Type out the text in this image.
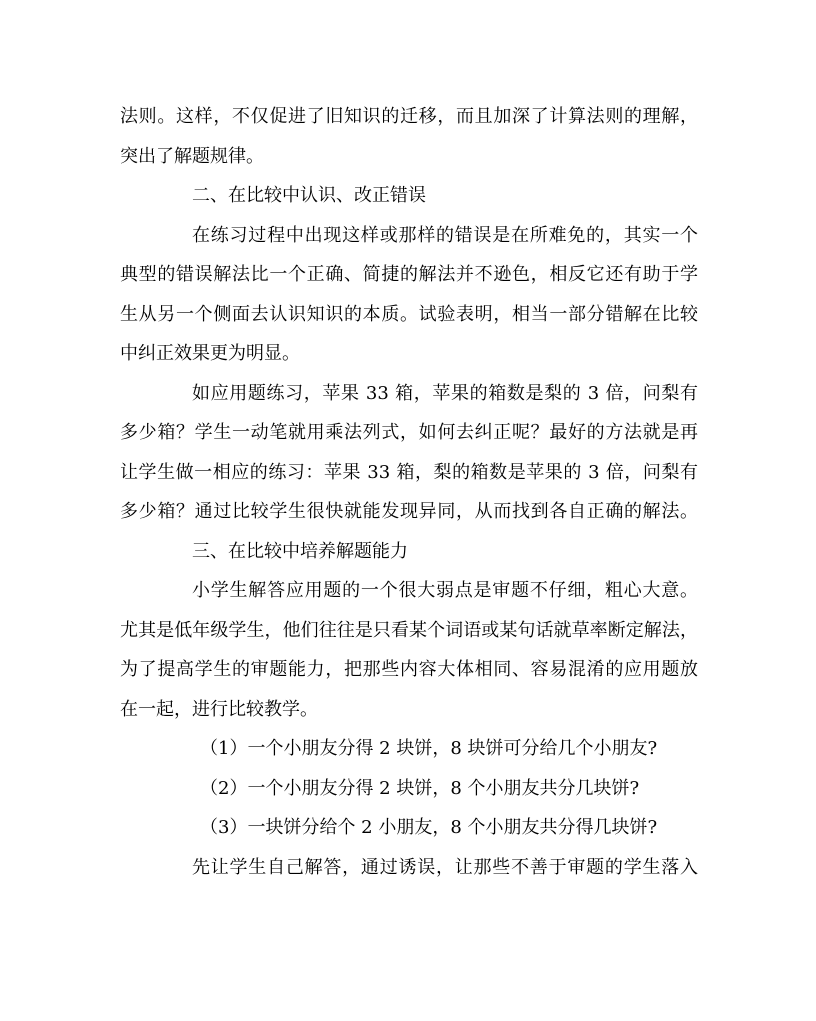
法则。这样，不仅促进了旧知识的迁移，而且加深了计算法则的理解，
突出了解题规律。
二、在比较中认识、改正错误
在练习过程中出现这样或那样的错误是在所难免的，其实一个
典型的错误解法比一个正确、简捷的解法并不逊色，相反它还有助于学
生从另一个侧面去认识知识的本质。试验表明，相当一部分错解在比较
中纠正效果更为明显。
如应用题练习，苹果 33 箱，苹果的箱数是梨的 3 倍，问梨有
多少箱？学生一动笔就用乘法列式，如何去纠正呢？最好的方法就是再
让学生做一相应的练习：苹果 33 箱，梨的箱数是苹果的 3 倍，问梨有
多少箱？通过比较学生很快就能发现异同，从而找到各自正确的解法。
三、在比较中培养解题能力
小学生解答应用题的一个很大弱点是审题不仔细，粗心大意。
尤其是低年级学生，他们往往是只看某个词语或某句话就草率断定解法，
为了提高学生的审题能力，把那些内容大体相同、容易混淆的应用题放
在一起，进行比较教学。
（1）一个小朋友分得 2 块饼，8 块饼可分给几个小朋友?
（2）一个小朋友分得 2 块饼，8 个小朋友共分几块饼?
（3）一块饼分给个 2 小朋友，8 个小朋友共分得几块饼?
先让学生自己解答，通过诱误，让那些不善于审题的学生落入
